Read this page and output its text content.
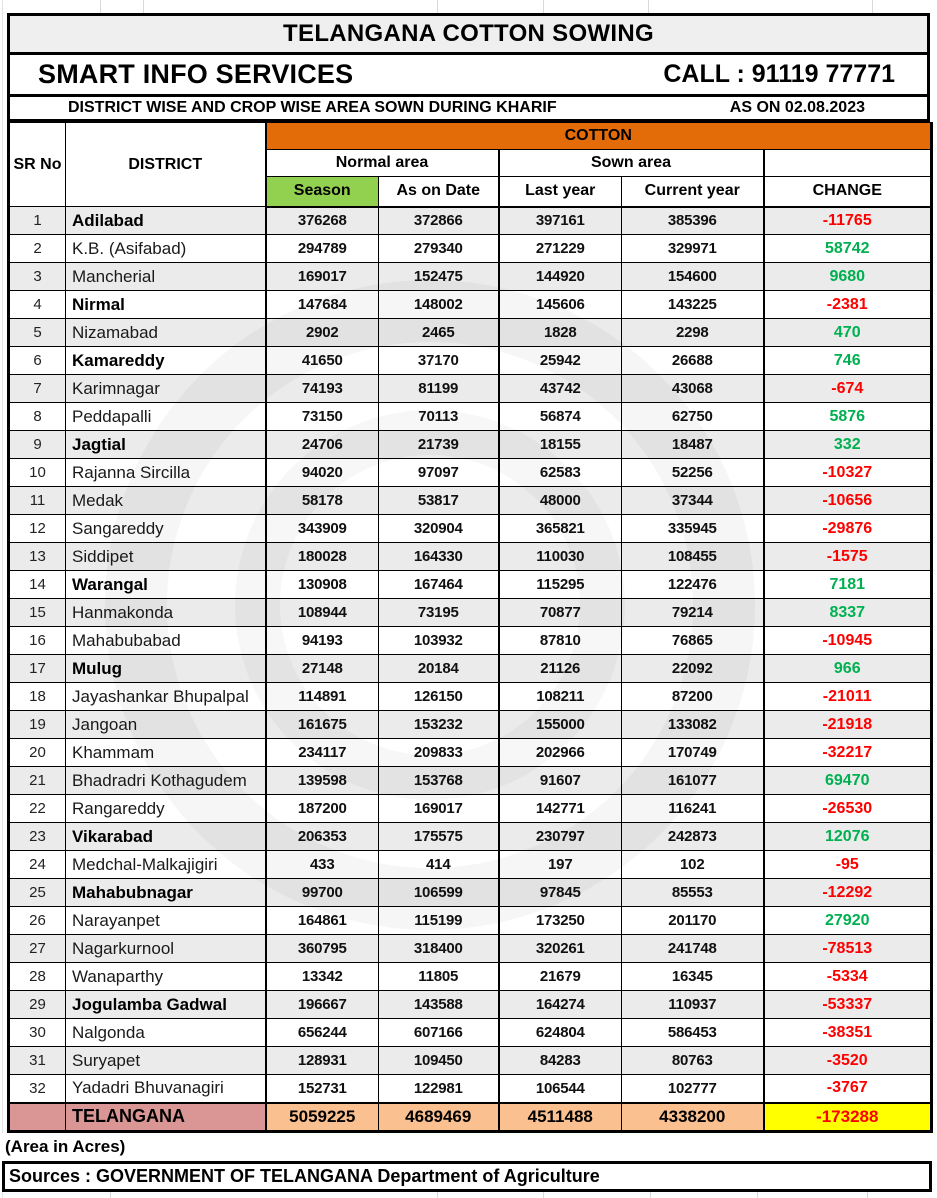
TELANGANA COTTON SOWING
SMART INFO SERVICES	CALL : 91119 77771
DISTRICT WISE AND CROP WISE AREA SOWN DURING KHARIF	AS ON 02.08.2023
SR No	DISTRICT	COTTON				
		Normal area		Sown area		
		Season	As on Date	Last year	Current year	CHANGE
1	Adilabad	376268	372866	397161	385396	-11765
2	K.B. (Asifabad)	294789	279340	271229	329971	58742
3	Mancherial	169017	152475	144920	154600	9680
4	Nirmal	147684	148002	145606	143225	-2381
5	Nizamabad	2902	2465	1828	2298	470
6	Kamareddy	41650	37170	25942	26688	746
7	Karimnagar	74193	81199	43742	43068	-674
8	Peddapalli	73150	70113	56874	62750	5876
9	Jagtial	24706	21739	18155	18487	332
10	Rajanna Sircilla	94020	97097	62583	52256	-10327
11	Medak	58178	53817	48000	37344	-10656
12	Sangareddy	343909	320904	365821	335945	-29876
13	Siddipet	180028	164330	110030	108455	-1575
14	Warangal	130908	167464	115295	122476	7181
15	Hanmakonda	108944	73195	70877	79214	8337
16	Mahabubabad	94193	103932	87810	76865	-10945
17	Mulug	27148	20184	21126	22092	966
18	Jayashankar Bhupalpal	114891	126150	108211	87200	-21011
19	Jangoan	161675	153232	155000	133082	-21918
20	Khammam	234117	209833	202966	170749	-32217
21	Bhadradri Kothagudem	139598	153768	91607	161077	69470
22	Rangareddy	187200	169017	142771	116241	-26530
23	Vikarabad	206353	175575	230797	242873	12076
24	Medchal-Malkajigiri	433	414	197	102	-95
25	Mahabubnagar	99700	106599	97845	85553	-12292
26	Narayanpet	164861	115199	173250	201170	27920
27	Nagarkurnool	360795	318400	320261	241748	-78513
28	Wanaparthy	13342	11805	21679	16345	-5334
29	Jogulamba Gadwal	196667	143588	164274	110937	-53337
30	Nalgonda	656244	607166	624804	586453	-38351
31	Suryapet	128931	109450	84283	80763	-3520
32	Yadadri Bhuvanagiri	152731	122981	106544	102777	-3767
	TELANGANA	5059225	4689469	4511488	4338200	-173288
(Area in Acres)
Sources : GOVERNMENT OF TELANGANA Department of Agriculture
